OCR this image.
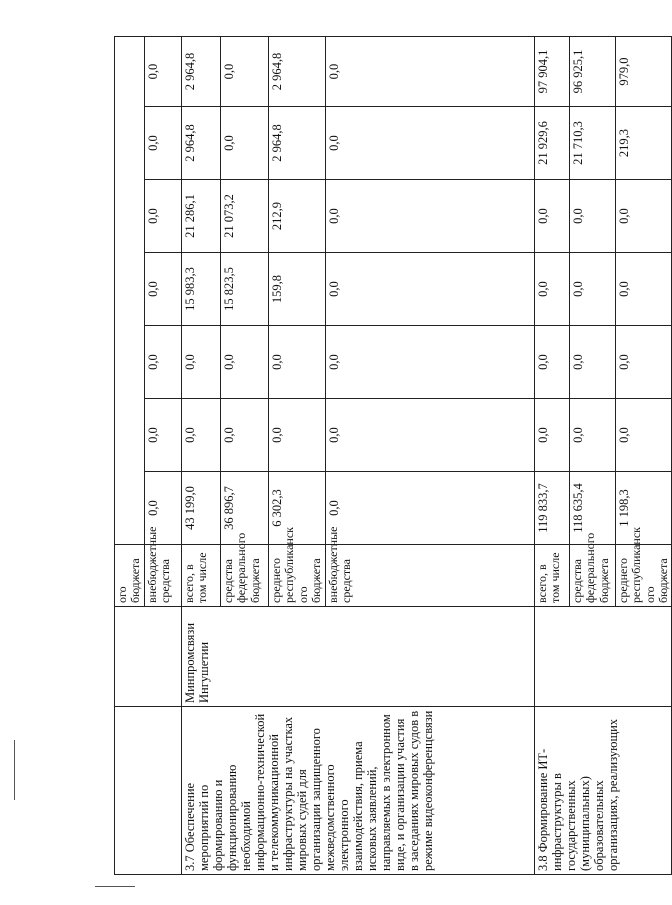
		ого бюджета							
		внебюджетные средства	0,0	0,0	0,0	0,0	0,0	0,0	0,0
3.7 Обеспечение мероприятий по формированию и функционированию необходимой информационно-технической и телекоммуникационной инфраструктуры на участках мировых судей для организации защищенного межведомственного электронного взаимодействия, приема исковых заявлений, направляемых в электронном виде, и организации участия в заседаниях мировых судов в режиме видеоконференцсвязи	Минпромсвязи Ингушетии	всего, в том числе	43 199,0	0,0	0,0	15 983,3	21 286,1	2 964,8	2 964,8
		средства федерального бюджета	36 896,7	0,0	0,0	15 823,5	21 073,2	0,0	0,0
		среднего республиканск ого бюджета	6 302,3	0,0	0,0	159,8	212,9	2 964,8	2 964,8
		внебюджетные средства	0,0	0,0	0,0	0,0	0,0	0,0	0,0
3.8 Формирование ИТ-инфраструктуры в государственных (муниципальных) образовательных организациях, реализующих		всего, в том числе	119 833,7	0,0	0,0	0,0	0,0	21 929,6	97 904,1
		средства федерального бюджета	118 635,4	0,0	0,0	0,0	0,0	21 710,3	96 925,1
		среднего республиканск ого бюджета	1 198,3	0,0	0,0	0,0	0,0	219,3	979,0
